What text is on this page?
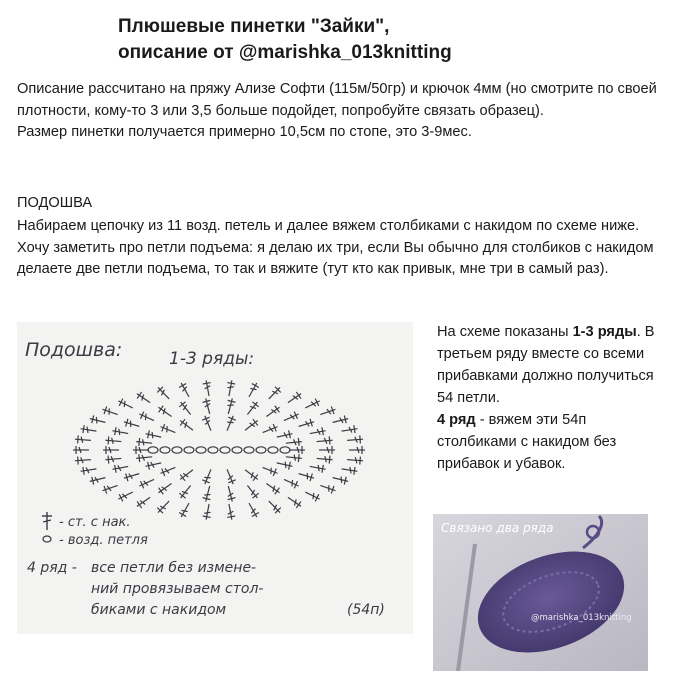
Плюшевые пинетки "Зайки",
описание от @marishka_013knitting

Описание рассчитано на пряжу Ализе Софти (115м/50гр) и крючок 4мм (но смотрите по своей плотности, кому-то 3 или 3,5 больше подойдет, попробуйте связать образец).

Размер пинетки получается примерно 10,5см по стопе, это 3-9мес.

ПОДОШВА
Набираем цепочку из 11 возд. петель и далее вяжем столбиками с накидом по схеме ниже. Хочу заметить про петли подъема: я делаю их три, если Вы обычно для столбиков с накидом делаете две петли подъема, то так и вяжите (тут кто как привык, мне три в самый раз).
Подошва:	1-3 ряды:
- ст. с нак.
- возд. петля
4 ряд - все петли без измене-
ний провязываем стол-
биками с накидом	(54п)
На схеме показаны 1-3 ряды. В третьем ряду вместе со всеми прибавками должно получиться 54 петли.
4 ряд - вяжем эти 54п столбиками с накидом без прибавок и убавок.
Связано два ряда
@marishka_013knitting
